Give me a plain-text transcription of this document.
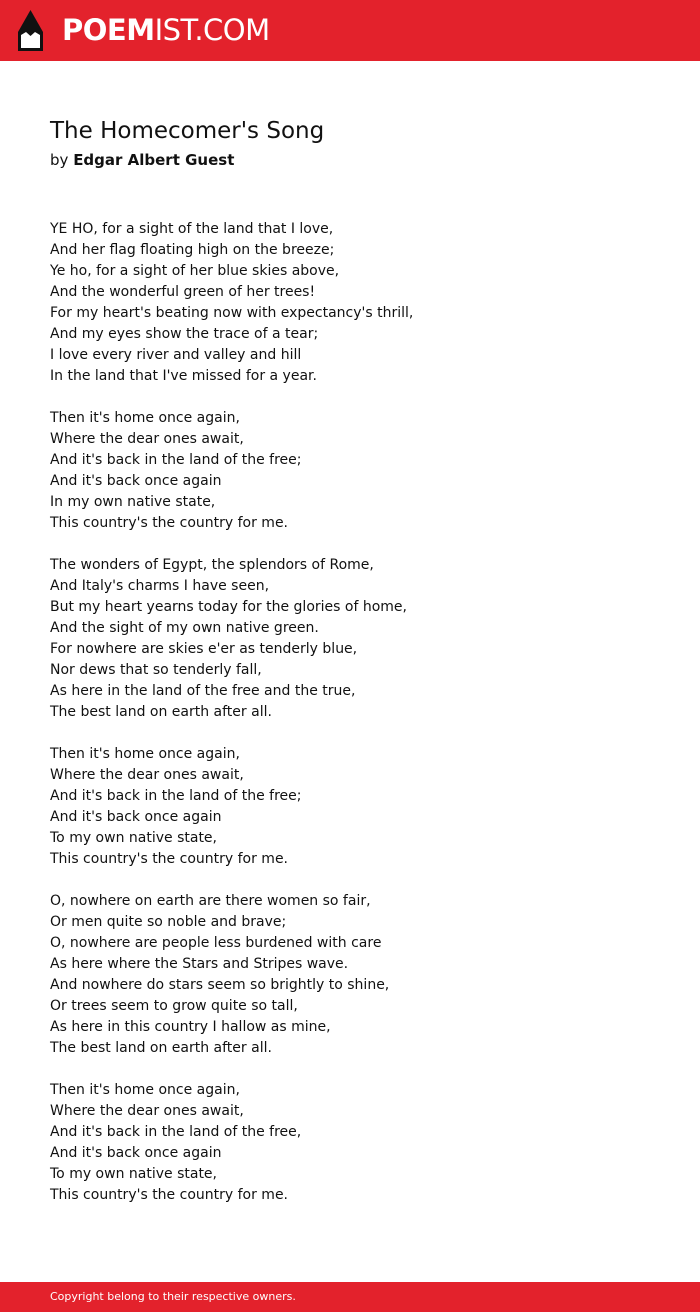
POEMIST.COM
The Homecomer's Song
by Edgar Albert Guest
YE HO, for a sight of the land that I love,
And her flag floating high on the breeze;
Ye ho, for a sight of her blue skies above,
And the wonderful green of her trees!
For my heart's beating now with expectancy's thrill,
And my eyes show the trace of a tear;
I love every river and valley and hill
In the land that I've missed for a year.
Then it's home once again,
Where the dear ones await,
And it's back in the land of the free;
And it's back once again
In my own native state,
This country's the country for me.
The wonders of Egypt, the splendors of Rome,
And Italy's charms I have seen,
But my heart yearns today for the glories of home,
And the sight of my own native green.
For nowhere are skies e'er as tenderly blue,
Nor dews that so tenderly fall,
As here in the land of the free and the true,
The best land on earth after all.
Then it's home once again,
Where the dear ones await,
And it's back in the land of the free;
And it's back once again
To my own native state,
This country's the country for me.
O, nowhere on earth are there women so fair,
Or men quite so noble and brave;
O, nowhere are people less burdened with care
As here where the Stars and Stripes wave.
And nowhere do stars seem so brightly to shine,
Or trees seem to grow quite so tall,
As here in this country I hallow as mine,
The best land on earth after all.
Then it's home once again,
Where the dear ones await,
And it's back in the land of the free,
And it's back once again
To my own native state,
This country's the country for me.
Copyright belong to their respective owners.
